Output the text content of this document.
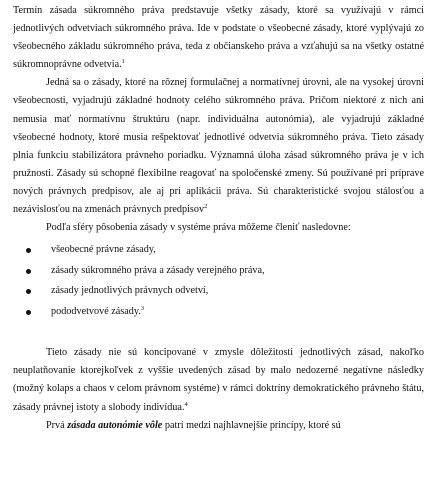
Termín zásada súkromného práva predstavuje všetky zásady, ktoré sa využívajú v rámci jednotlivých odvetviach súkromného práva. Ide v podstate o všeobecné zásady, ktoré vyplývajú zo všeobecného základu súkromného práva, teda z občianskeho práva a vzťahujú sa na všetky ostatné súkromnoprávne odvetvia.$^1$

Jedná sa o zásady, ktoré na rôznej formulačnej a normatívnej úrovni, ale na vysokej úrovni všeobecnosti, vyjadrujú základné hodnoty celého súkromného práva. Pričom niektoré z nich ani nemusia mať normatívnu štruktúru (napr. individuálna autonómia), ale vyjadrujú základné všeobecné hodnoty, ktoré musia rešpektovať jednotlivé odvetvia súkromného práva. Tieto zásady plnia funkciu stabilizátora právneho poriadku. Významná úloha zásad súkromného práva je v ich pružnosti. Zásady sú schopné flexibilne reagovať na spoločenské zmeny. Sú používané pri príprave nových právnych predpisov, ale aj pri aplikácii práva. Sú charakteristické svojou stálosťou a nezávislosťou na zmenách právnych predpisov$^2$

Podľa sféry pôsobenia zásady v systéme práva môžeme členiť nasledovne:

všeobecné právne zásady,
zásady súkromného práva a zásady verejného práva,
zásady jednotlivých právnych odvetví,
pododvetvové zásady.$^3$

Tieto zásady nie sú koncipované v zmysle dôležitosti jednotlivých zásad, nakoľko neuplatňovanie ktorejkoľvek z vyššie uvedených zásad by malo nedozerné negatívne následky (možný kolaps a chaos v celom právnom systéme) v rámci doktríny demokratického právneho štátu, zásady právnej istoty a slobody indivídua.$^4$

Prvá zásada autonómie vôle patrí medzi najhlavnejšie princípy, ktoré sú
